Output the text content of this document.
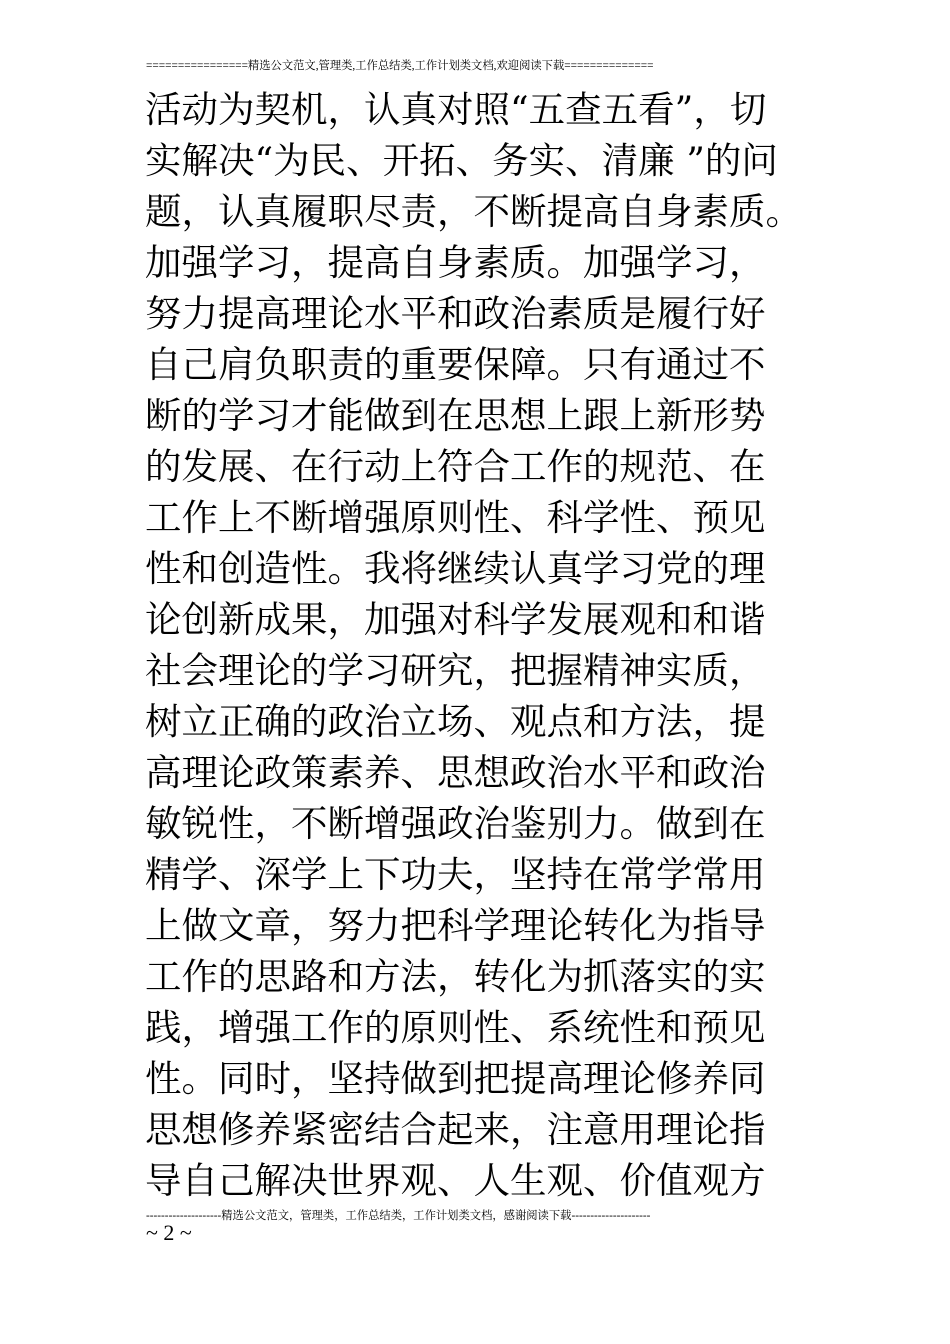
================精选公文范文,管理类,工作总结类,工作计划类文档,欢迎阅读下载==============
活动为契机，认真对照“五查五看”，切
实解决“为民、开拓、务实、清廉 ”的问
题，认真履职尽责，不断提高自身素质。
加强学习，提高自身素质。加强学习，
努力提高理论水平和政治素质是履行好
自己肩负职责的重要保障。只有通过不
断的学习才能做到在思想上跟上新形势
的发展、在行动上符合工作的规范、在
工作上不断增强原则性、科学性、预见
性和创造性。我将继续认真学习党的理
论创新成果，加强对科学发展观和和谐
社会理论的学习研究，把握精神实质，
树立正确的政治立场、观点和方法，提
高理论政策素养、思想政治水平和政治
敏锐性，不断增强政治鉴别力。做到在
精学、深学上下功夫，坚持在常学常用
上做文章，努力把科学理论转化为指导
工作的思路和方法，转化为抓落实的实
践，增强工作的原则性、系统性和预见
性。同时，坚持做到把提高理论修养同
思想修养紧密结合起来，注意用理论指
导自己解决世界观、人生观、价值观方
--------------------精选公文范文，管理类，工作总结类，工作计划类文档，感谢阅读下载---------------------
~ 2 ~
